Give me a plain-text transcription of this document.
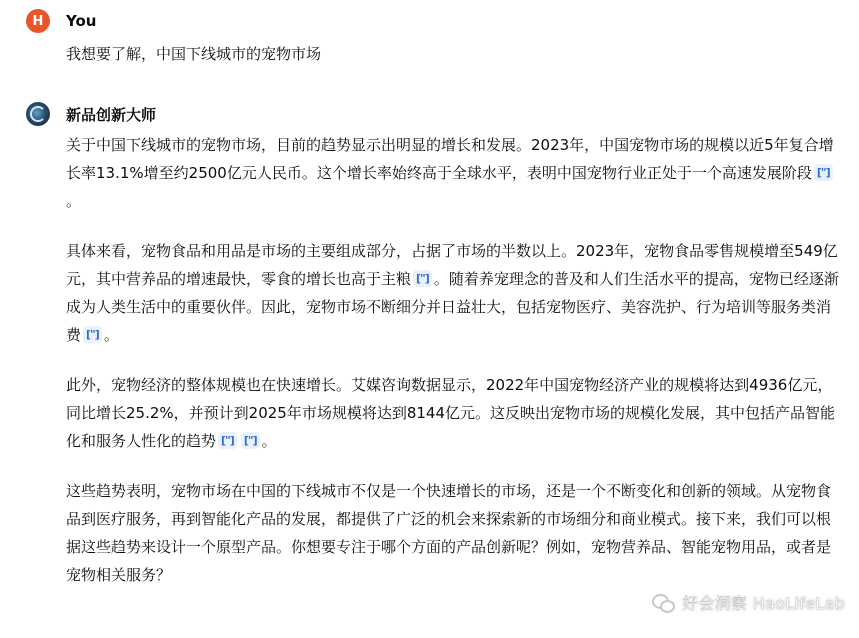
H You
我想要了解，中国下线城市的宠物市场
新品创新大师

关于中国下线城市的宠物市场，目前的趋势显示出明显的增长和发展。2023年，中国宠物市场的规模以近5年复合增长率13.1%增至约2500亿元人民币。这个增长率始终高于全球水平，表明中国宠物行业正处于一个高速发展阶段 ["]。

具体来看，宠物食品和用品是市场的主要组成部分，占据了市场的半数以上。2023年，宠物食品零售规模增至549亿元，其中营养品的增速最快，零食的增长也高于主粮 ["] 。随着养宠理念的普及和人们生活水平的提高，宠物已经逐渐成为人类生活中的重要伙伴。因此，宠物市场不断细分并日益壮大，包括宠物医疗、美容洗护、行为培训等服务类消费 ["] 。

此外，宠物经济的整体规模也在快速增长。艾媒咨询数据显示，2022年中国宠物经济产业的规模将达到4936亿元，同比增长25.2%，并预计到2025年市场规模将达到8144亿元。这反映出宠物市场的规模化发展，其中包括产品智能化和服务人性化的趋势 ["] ["] 。

这些趋势表明，宠物市场在中国的下线城市不仅是一个快速增长的市场，还是一个不断变化和创新的领域。从宠物食品到医疗服务，再到智能化产品的发展，都提供了广泛的机会来探索新的市场细分和商业模式。接下来，我们可以根据这些趋势来设计一个原型产品。你想要专注于哪个方面的产品创新呢？例如，宠物营养品、智能宠物用品，或者是宠物相关服务？

好会洞察 HaoLifeLab
